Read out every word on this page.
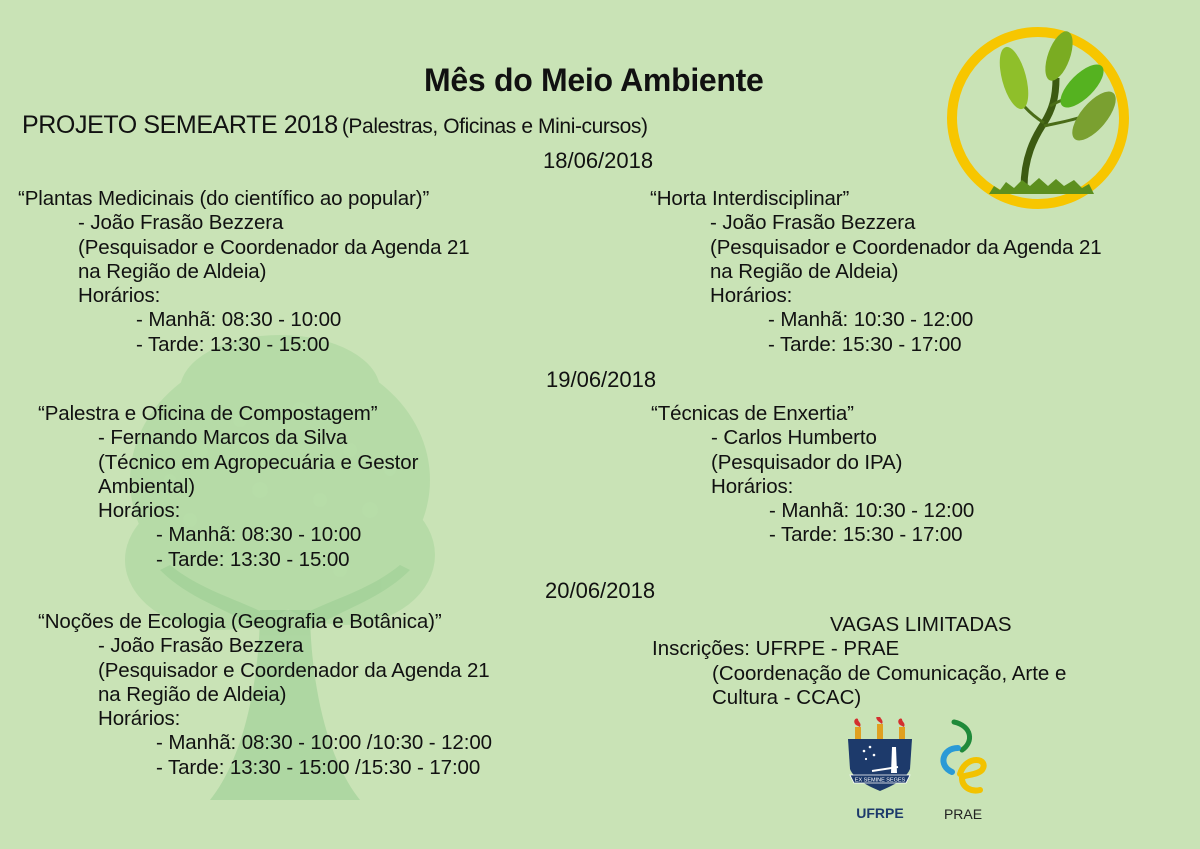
Mês do Meio Ambiente
PROJETO SEMEARTE 2018 (Palestras, Oficinas e Mini-cursos)
18/06/2018
“Plantas Medicinais (do científico ao popular)”
- João Frasão Bezzera
(Pesquisador e Coordenador da Agenda 21
na Região de Aldeia)
Horários:
- Manhã: 08:30 - 10:00
- Tarde: 13:30 - 15:00
“Horta Interdisciplinar”
- João Frasão Bezzera
(Pesquisador e Coordenador da Agenda 21
na Região de Aldeia)
Horários:
- Manhã: 10:30 - 12:00
- Tarde: 15:30 - 17:00
19/06/2018
“Palestra e Oficina de Compostagem”
- Fernando Marcos da Silva
(Técnico em Agropecuária e Gestor
Ambiental)
Horários:
- Manhã: 08:30 - 10:00
- Tarde: 13:30 - 15:00
“Técnicas de Enxertia”
- Carlos Humberto
(Pesquisador do IPA)
Horários:
- Manhã: 10:30 - 12:00
- Tarde: 15:30 - 17:00
20/06/2018
“Noções de Ecologia (Geografia e Botânica)”
- João Frasão Bezzera
(Pesquisador e Coordenador da Agenda 21
na Região de Aldeia)
Horários:
- Manhã: 08:30 - 10:00 /10:30 - 12:00
- Tarde: 13:30 - 15:00 /15:30 - 17:00
VAGAS LIMITADAS
Inscrições: UFRPE - PRAE
(Coordenação de Comunicação, Arte e
Cultura - CCAC)
EX SEMINE SEGES
UFRPE	PRAE
